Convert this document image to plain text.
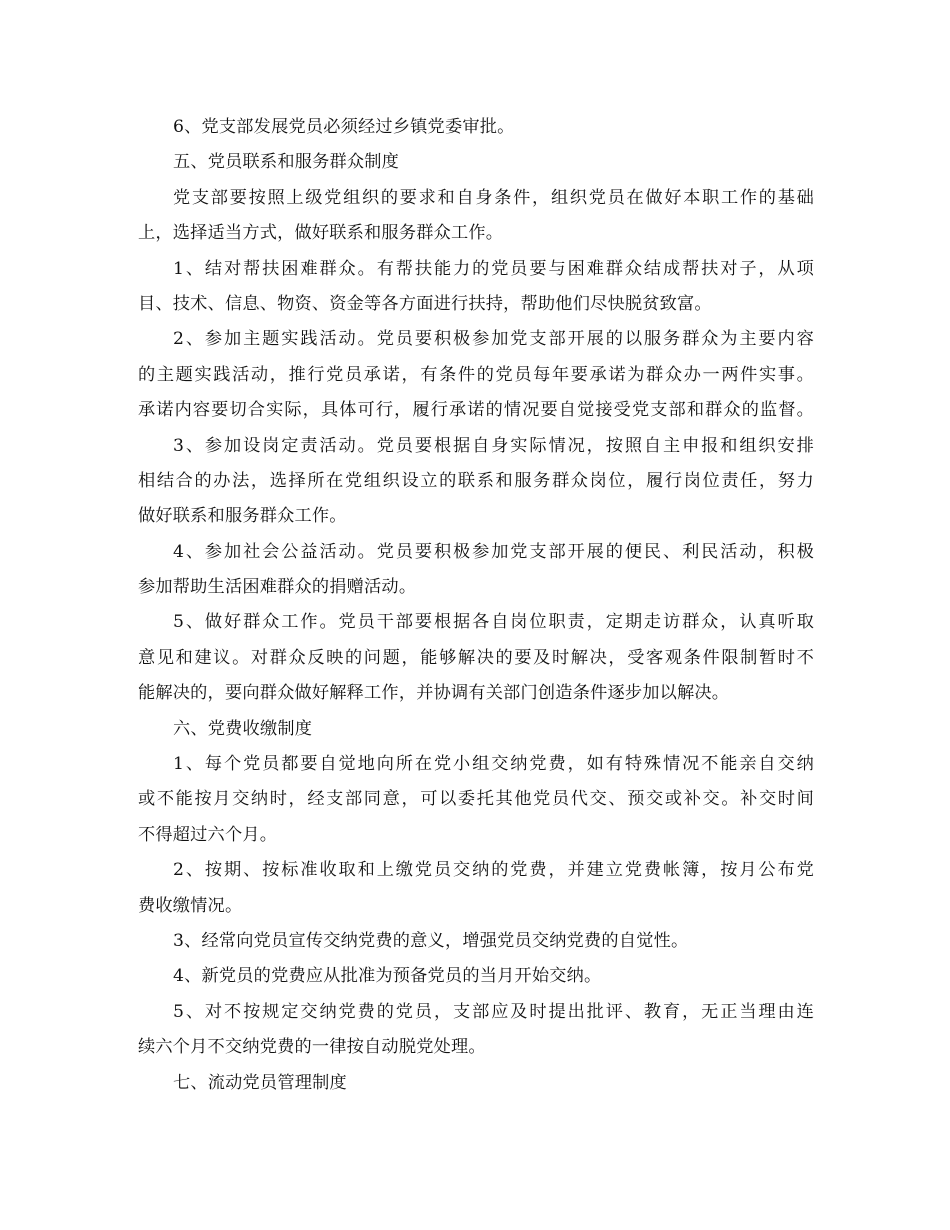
6、党支部发展党员必须经过乡镇党委审批。
五、党员联系和服务群众制度
党支部要按照上级党组织的要求和自身条件，组织党员在做好本职工作的基础
上，选择适当方式，做好联系和服务群众工作。
1、结对帮扶困难群众。有帮扶能力的党员要与困难群众结成帮扶对子，从项
目、技术、信息、物资、资金等各方面进行扶持，帮助他们尽快脱贫致富。
2、参加主题实践活动。党员要积极参加党支部开展的以服务群众为主要内容
的主题实践活动，推行党员承诺，有条件的党员每年要承诺为群众办一两件实事。
承诺内容要切合实际，具体可行，履行承诺的情况要自觉接受党支部和群众的监督。
3、参加设岗定责活动。党员要根据自身实际情况，按照自主申报和组织安排
相结合的办法，选择所在党组织设立的联系和服务群众岗位，履行岗位责任，努力
做好联系和服务群众工作。
4、参加社会公益活动。党员要积极参加党支部开展的便民、利民活动，积极
参加帮助生活困难群众的捐赠活动。
5、做好群众工作。党员干部要根据各自岗位职责，定期走访群众，认真听取
意见和建议。对群众反映的问题，能够解决的要及时解决，受客观条件限制暂时不
能解决的，要向群众做好解释工作，并协调有关部门创造条件逐步加以解决。
六、党费收缴制度
1、每个党员都要自觉地向所在党小组交纳党费，如有特殊情况不能亲自交纳
或不能按月交纳时，经支部同意，可以委托其他党员代交、预交或补交。补交时间
不得超过六个月。
2、按期、按标准收取和上缴党员交纳的党费，并建立党费帐簿，按月公布党
费收缴情况。
3、经常向党员宣传交纳党费的意义，增强党员交纳党费的自觉性。
4、新党员的党费应从批准为预备党员的当月开始交纳。
5、对不按规定交纳党费的党员，支部应及时提出批评、教育，无正当理由连
续六个月不交纳党费的一律按自动脱党处理。
七、流动党员管理制度
